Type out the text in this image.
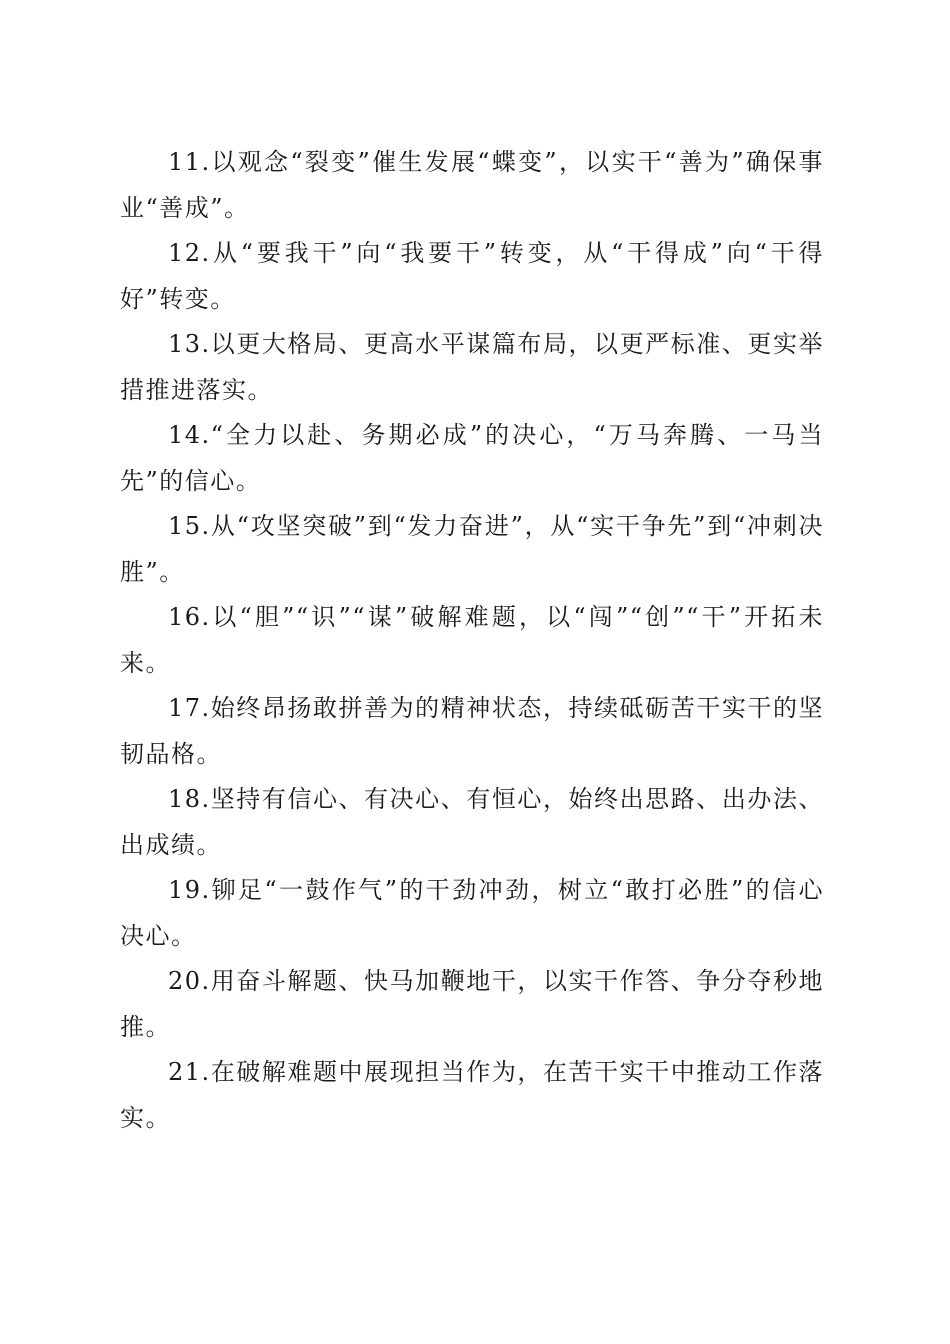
11.以观念“裂变”催生发展“蝶变”，以实干“善为”确保事业“善成”。

12.从“要我干”向“我要干”转变，从“干得成”向“干得好”转变。

13.以更大格局、更高水平谋篇布局，以更严标准、更实举措推进落实。

14.“全力以赴、务期必成”的决心，“万马奔腾、一马当先”的信心。

15.从“攻坚突破”到“发力奋进”，从“实干争先”到“冲刺决胜”。

16.以“胆”“识”“谋”破解难题，以“闯”“创”“干”开拓未来。

17.始终昂扬敢拼善为的精神状态，持续砥砺苦干实干的坚韧品格。

18.坚持有信心、有决心、有恒心，始终出思路、出办法、出成绩。

19.铆足“一鼓作气”的干劲冲劲，树立“敢打必胜”的信心决心。

20.用奋斗解题、快马加鞭地干，以实干作答、争分夺秒地推。

21.在破解难题中展现担当作为，在苦干实干中推动工作落实。
